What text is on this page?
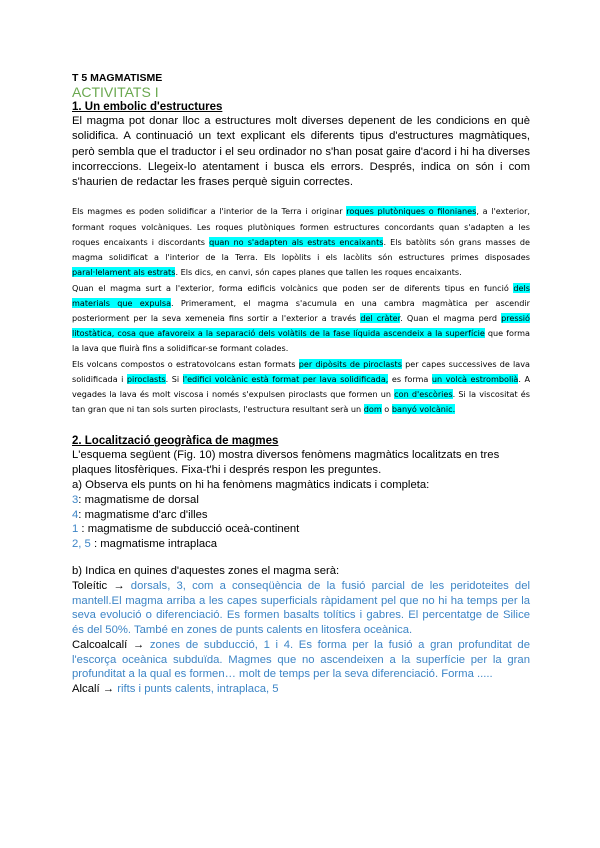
T 5 MAGMATISME
ACTIVITATS I
1. Un embolic d'estructures

El magma pot donar lloc a estructures molt diverses depenent de les condicions en què solidifica. A continuació un text explicant els diferents tipus d'estructures magmàtiques, però sembla que el traductor i el seu ordinador no s'han posat gaire d'acord i hi ha diverses incorreccions. Llegeix-lo atentament i busca els errors. Després, indica on són i com s'haurien de redactar les frases perquè siguin correctes.

Els magmes es poden solidificar a l'interior de la Terra i originar roques plutòniques o filonianes, a l'exterior, formant roques volcàniques. Les roques plutòniques formen estructures concordants quan s'adapten a les roques encaixants i discordants quan no s'adapten als estrats encaixants. Els batòlits són grans masses de magma solidificat a l'interior de la Terra. Els lopòlits i els lacòlits són estructures primes disposades paral·lelament als estrats. Els dics, en canvi, són capes planes que tallen les roques encaixants.

Quan el magma surt a l'exterior, forma edificis volcànics que poden ser de diferents tipus en funció dels materials que expulsa. Primerament, el magma s'acumula en una cambra magmàtica per ascendir posteriorment per la seva xemeneia fins sortir a l'exterior a través del cràter. Quan el magma perd pressió litostàtica, cosa que afavoreix a la separació dels volàtils de la fase líquida ascendeix a la superfície que forma la lava que fluirà fins a solidificar-se formant colades.

Els volcans compostos o estratovolcans estan formats per dipòsits de piroclasts per capes successives de lava solidificada i piroclasts. Si l'edifici volcànic està format per lava solidificada, es forma un volcà estrombolià. A vegades la lava és molt viscosa i només s'expulsen piroclasts que formen un con d'escòries. Si la viscositat és tan gran que ni tan sols surten piroclasts, l'estructura resultant serà un dom o banyó volcànic.

2. Localització geogràfica de magmes

L'esquema següent (Fig. 10) mostra diversos fenòmens magmàtics localitzats en tres plaques litosfèriques. Fixa-t'hi i després respon les preguntes.

a) Observa els punts on hi ha fenòmens magmàtics indicats i completa:
3: magmatisme de dorsal
4: magmatisme d'arc d'illes
1 : magmatisme de subducció oceà-continent
2, 5 : magmatisme intraplaca
b) Indica en quines d'aquestes zones el magma serà:

Toleític → dorsals, 3, com a conseqüència de la fusió parcial de les peridoteites del mantell.El magma arriba a les capes superficials ràpidament pel que no hi ha temps per la seva evolució o diferenciació. Es formen basalts tolítics i gabres. El percentatge de Silice és del 50%. També en zones de punts calents en litosfera oceànica.

Calcoalcalí → zones de subducció, 1 i 4. Es forma per la fusió a gran profunditat de l'escorça oceànica subduïda. Magmes que no ascendeixen a la superfície per la gran profunditat a la qual es formen… molt de temps per la seva diferenciació. Forma .....

Alcalí → rifts i punts calents, intraplaca, 5
